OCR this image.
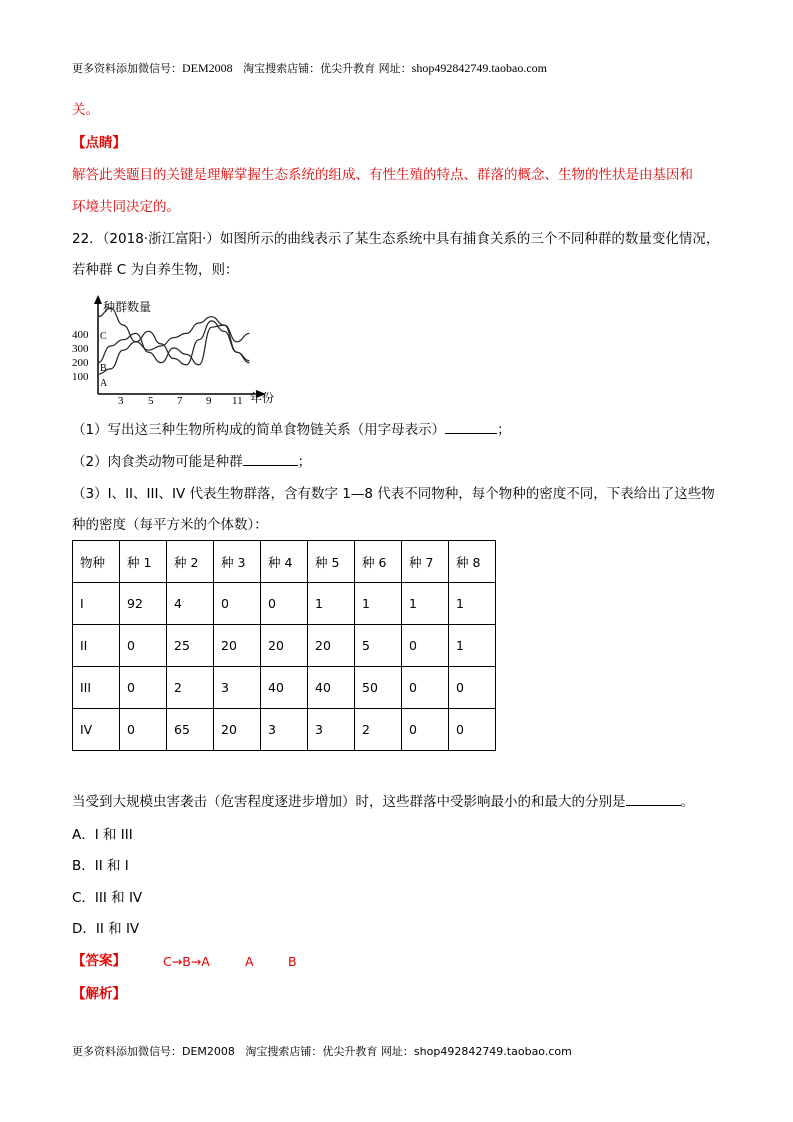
更多资料添加微信号：DEM2008 淘宝搜索店铺：优尖升教育 网址：shop492842749.taobao.com
关。
【点睛】
解答此类题目的关键是理解掌握生态系统的组成、有性生殖的特点、群落的概念、生物的性状是由基因和
环境共同决定的。
22．（2018·浙江富阳·）如图所示的曲线表示了某生态系统中具有捕食关系的三个不同种群的数量变化情况，
若种群 C 为自养生物，则：
种群数量
年份
400
300
200
100
3 5 7 9 11
C
B
A
（1）写出这三种生物所构成的简单食物链关系（用字母表示）	；
（2）肉食类动物可能是种群	；
（3）I、II、III、IV 代表生物群落，含有数字 1—8 代表不同物种，每个物种的密度不同，下表给出了这些物
种的密度（每平方米的个体数）：
物种	种 1	种 2	种 3	种 4	种 5	种 6	种 7	种 8
I	92	4	0	0	1	1	1	1
II	0	25	20	20	20	5	0	1
III	0	2	3	40	40	50	0	0
IV	0	65	20	3	3	2	0	0
当受到大规模虫害袭击（危害程度逐进步增加）时，这些群落中受影响最小的和最大的分别是	。
A．I 和 III
B．II 和 I
C．III 和 IV
D．II 和 IV
【答案】	C→B→A	A	B
【解析】
更多资料添加微信号：DEM2008 淘宝搜索店铺：优尖升教育 网址：shop492842749.taobao.com
